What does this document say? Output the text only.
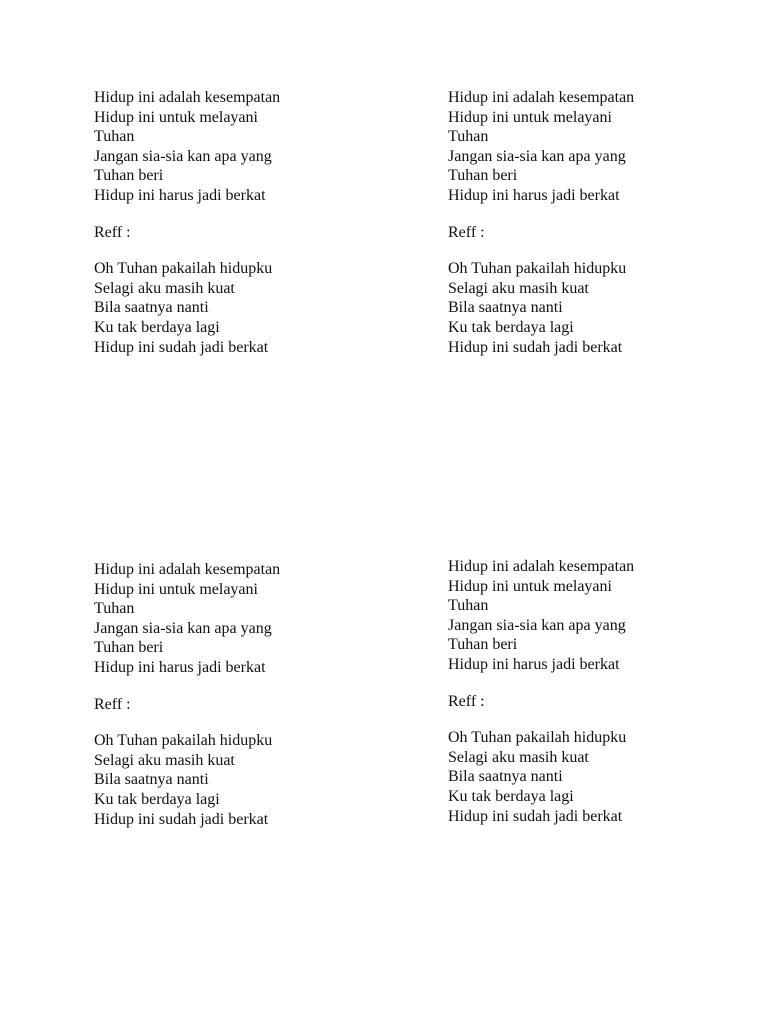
Hidup ini adalah kesempatan
Hidup ini untuk melayani
Tuhan
Jangan sia-sia kan apa yang
Tuhan beri
Hidup ini harus jadi berkat
Reff :
Oh Tuhan pakailah hidupku
Selagi aku masih kuat
Bila saatnya nanti
Ku tak berdaya lagi
Hidup ini sudah jadi berkat
Hidup ini adalah kesempatan
Hidup ini untuk melayani
Tuhan
Jangan sia-sia kan apa yang
Tuhan beri
Hidup ini harus jadi berkat
Reff :
Oh Tuhan pakailah hidupku
Selagi aku masih kuat
Bila saatnya nanti
Ku tak berdaya lagi
Hidup ini sudah jadi berkat
Hidup ini adalah kesempatan
Hidup ini untuk melayani
Tuhan
Jangan sia-sia kan apa yang
Tuhan beri
Hidup ini harus jadi berkat
Reff :
Oh Tuhan pakailah hidupku
Selagi aku masih kuat
Bila saatnya nanti
Ku tak berdaya lagi
Hidup ini sudah jadi berkat
Hidup ini adalah kesempatan
Hidup ini untuk melayani
Tuhan
Jangan sia-sia kan apa yang
Tuhan beri
Hidup ini harus jadi berkat
Reff :
Oh Tuhan pakailah hidupku
Selagi aku masih kuat
Bila saatnya nanti
Ku tak berdaya lagi
Hidup ini sudah jadi berkat
